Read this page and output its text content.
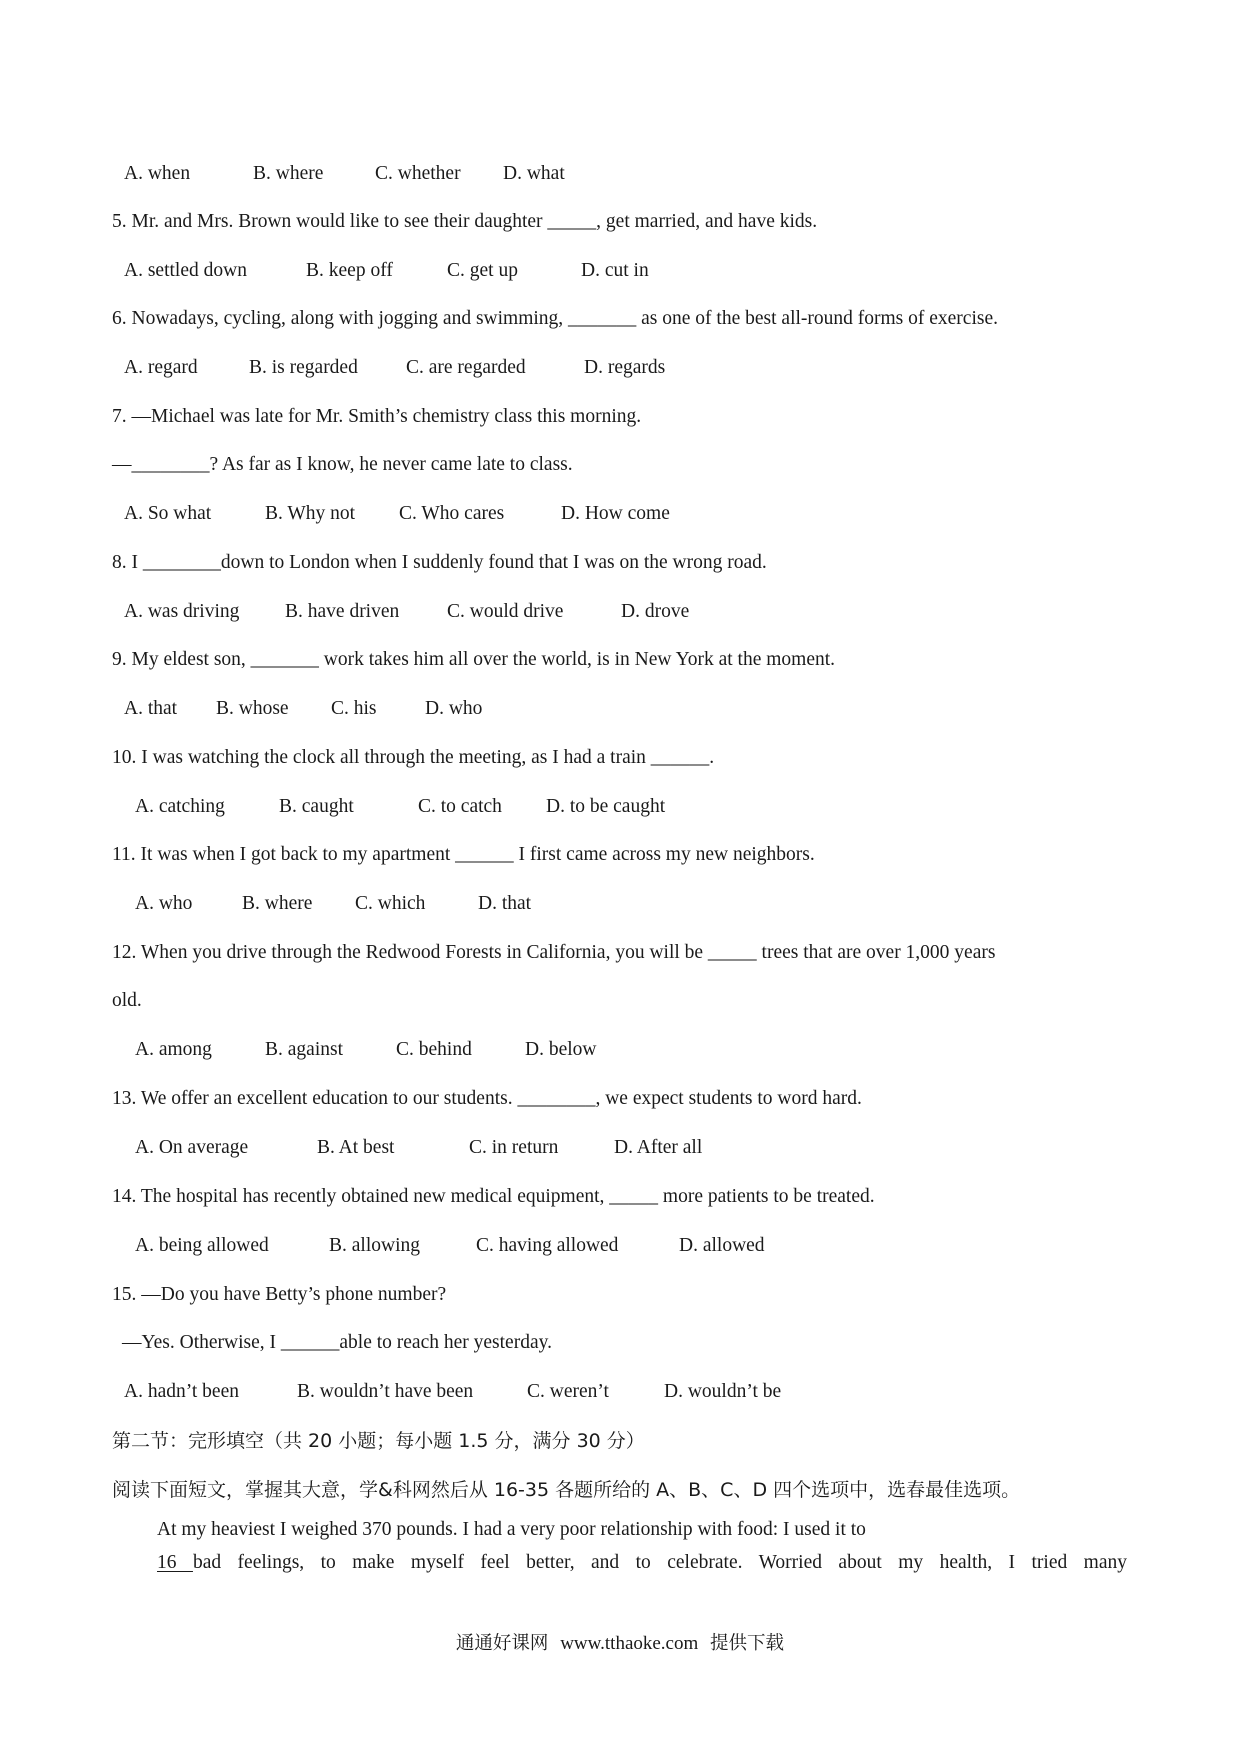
16 bad feelings, to make myself feel better, and to celebrate. Worried about my health, I tried many
通通好课网 www.tthaoke.com 提供下载
A. when	B. where	C. whether D. what
5. Mr. and Mrs. Brown would like to see their daughter _____, get married, and have kids.
A. settled down	B. keep off	C. get up	D. cut in
6. Nowadays, cycling, along with jogging and swimming, _______ as one of the best all-round forms of exercise.
A. regard	B. is regarded C. are regarded	D. regards
7. —Michael was late for Mr. Smith’s chemistry class this morning.
—________? As far as I know, he never came late to class.
A. So what	B. Why not C. Who cares	D. How come
8. I ________down to London when I suddenly found that I was on the wrong road.
A. was driving B. have driven C. would drive	D. drove
9. My eldest son, _______ work takes him all over the world, is in New York at the moment.
A. that B. whose C. his D. who
10. I was watching the clock all through the meeting, as I had a train ______.
A. catching	B. caught	C. to catch D. to be caught
11. It was when I got back to my apartment ______ I first came across my new neighbors.
A. who	B. where C. which	D. that
12. When you drive through the Redwood Forests in California, you will be _____ trees that are over 1,000 years
old.
A. among	B. against	C. behind	D. below
13. We offer an excellent education to our students. ________, we expect students to word hard.
A. On average	B. At best	C. in return	D. After all
14. The hospital has recently obtained new medical equipment, _____ more patients to be treated.
A. being allowed	B. allowing	C. having allowed	D. allowed
15. —Do you have Betty’s phone number?
—Yes. Otherwise, I ______able to reach her yesterday.
A. hadn’t been	B. wouldn’t have been	C. weren’t	D. wouldn’t be
第二节：完形填空（共 20 小题；每小题 1.5 分，满分 30 分）
阅读下面短文，掌握其大意，学&科网然后从 16-35 各题所给的 A、B、C、D 四个选项中，选春最佳选项。
At my heaviest I weighed 370 pounds. I had a very poor relationship with food: I used it to
